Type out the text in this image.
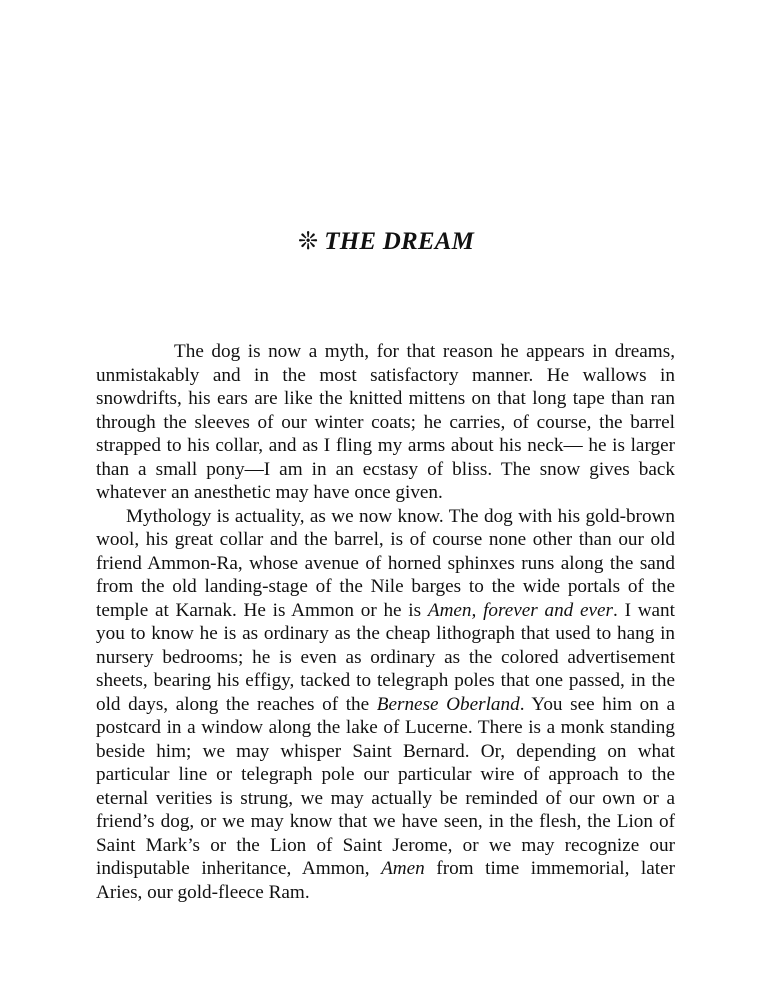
❊ THE DREAM

The dog is now a myth, for that reason he appears in dreams, unmistakably and in the most satisfactory manner. He wallows in snowdrifts, his ears are like the knitted mittens on that long tape than ran through the sleeves of our winter coats; he carries, of course, the barrel strapped to his collar, and as I fling my arms about his neck— he is larger than a small pony—I am in an ecstasy of bliss. The snow gives back whatever an anesthetic may have once given.

Mythology is actuality, as we now know. The dog with his gold-brown wool, his great collar and the barrel, is of course none other than our old friend Ammon-Ra, whose avenue of horned sphinxes runs along the sand from the old landing-stage of the Nile barges to the wide portals of the temple at Karnak. He is Ammon or he is Amen, forever and ever. I want you to know he is as ordinary as the cheap lithograph that used to hang in nursery bedrooms; he is even as ordinary as the colored advertisement sheets, bearing his effigy, tacked to telegraph poles that one passed, in the old days, along the reaches of the Bernese Oberland. You see him on a postcard in a window along the lake of Lucerne. There is a monk standing beside him; we may whisper Saint Bernard. Or, depending on what particular line or telegraph pole our particular wire of approach to the eternal verities is strung, we may actually be reminded of our own or a friend’s dog, or we may know that we have seen, in the flesh, the Lion of Saint Mark’s or the Lion of Saint Jerome, or we may recognize our indisputable inheritance, Ammon, Amen from time immemorial, later Aries, our gold-fleece Ram.
